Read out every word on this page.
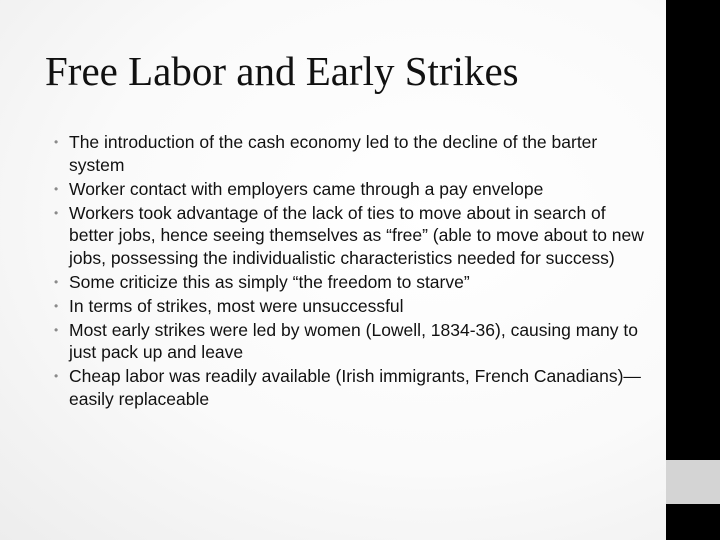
Free Labor and Early Strikes
• The introduction of the cash economy led to the decline of the barter system
• Worker contact with employers came through a pay envelope
• Workers took advantage of the lack of ties to move about in search of better jobs, hence seeing themselves as “free” (able to move about to new jobs, possessing the individualistic characteristics needed for success)
• Some criticize this as simply “the freedom to starve”
• In terms of strikes, most were unsuccessful
• Most early strikes were led by women (Lowell, 1834-36), causing many to just pack up and leave
• Cheap labor was readily available (Irish immigrants, French Canadians)—easily replaceable
